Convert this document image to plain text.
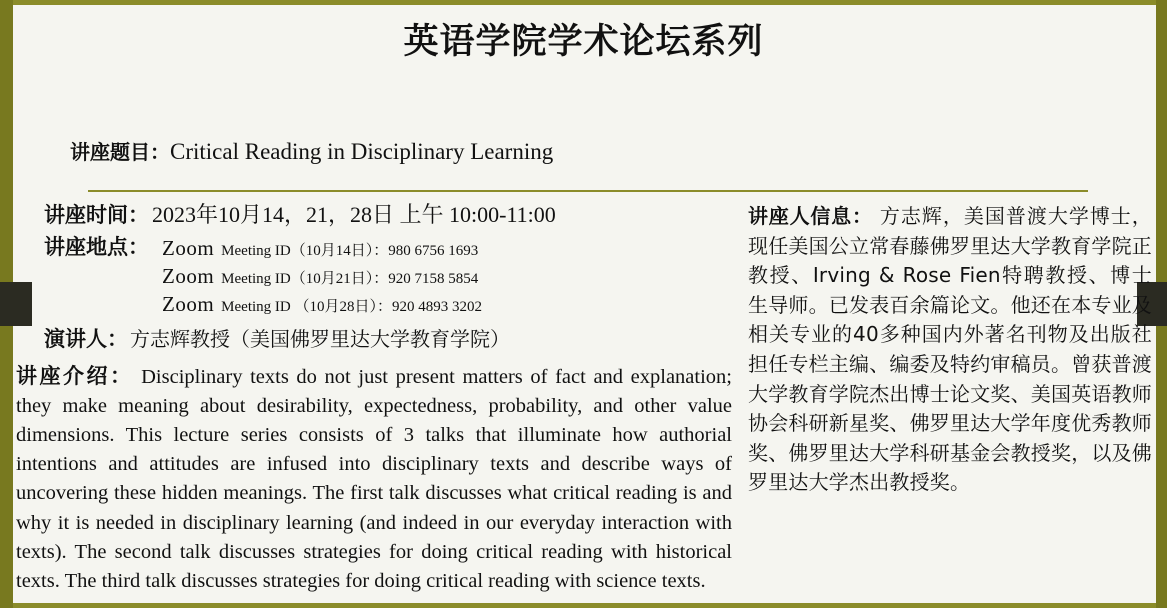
英语学院学术论坛系列
讲座题目：Critical Reading in Disciplinary Learning
讲座时间： 2023年10月14，21，28日 上午 10:00-11:00
讲座地点： Zoom Meeting ID（10月14日）：980 6756 1693
Zoom Meeting ID（10月21日）：920 7158 5854
Zoom Meeting ID （10月28日）：920 4893 3202
演讲人： 方志辉教授（美国佛罗里达大学教育学院）
讲座介绍： Disciplinary texts do not just present matters of fact and explanation; they make meaning about desirability, expectedness, probability, and other value dimensions. This lecture series consists of 3 talks that illuminate how authorial intentions and attitudes are infused into disciplinary texts and describe ways of uncovering these hidden meanings. The first talk discusses what critical reading is and why it is needed in disciplinary learning (and indeed in our everyday interaction with texts). The second talk discusses strategies for doing critical reading with historical texts. The third talk discusses strategies for doing critical reading with science texts.
讲座人信息： 方志辉，美国普渡大学博士，现任美国公立常春藤佛罗里达大学教育学院正教授、Irving & Rose Fien特聘教授、博士生导师。已发表百余篇论文。他还在本专业及相关专业的40多种国内外著名刊物及出版社担任专栏主编、编委及特约审稿员。曾获普渡大学教育学院杰出博士论文奖、美国英语教师协会科研新星奖、佛罗里达大学年度优秀教师奖、佛罗里达大学科研基金会教授奖，以及佛罗里达大学杰出教授奖。
